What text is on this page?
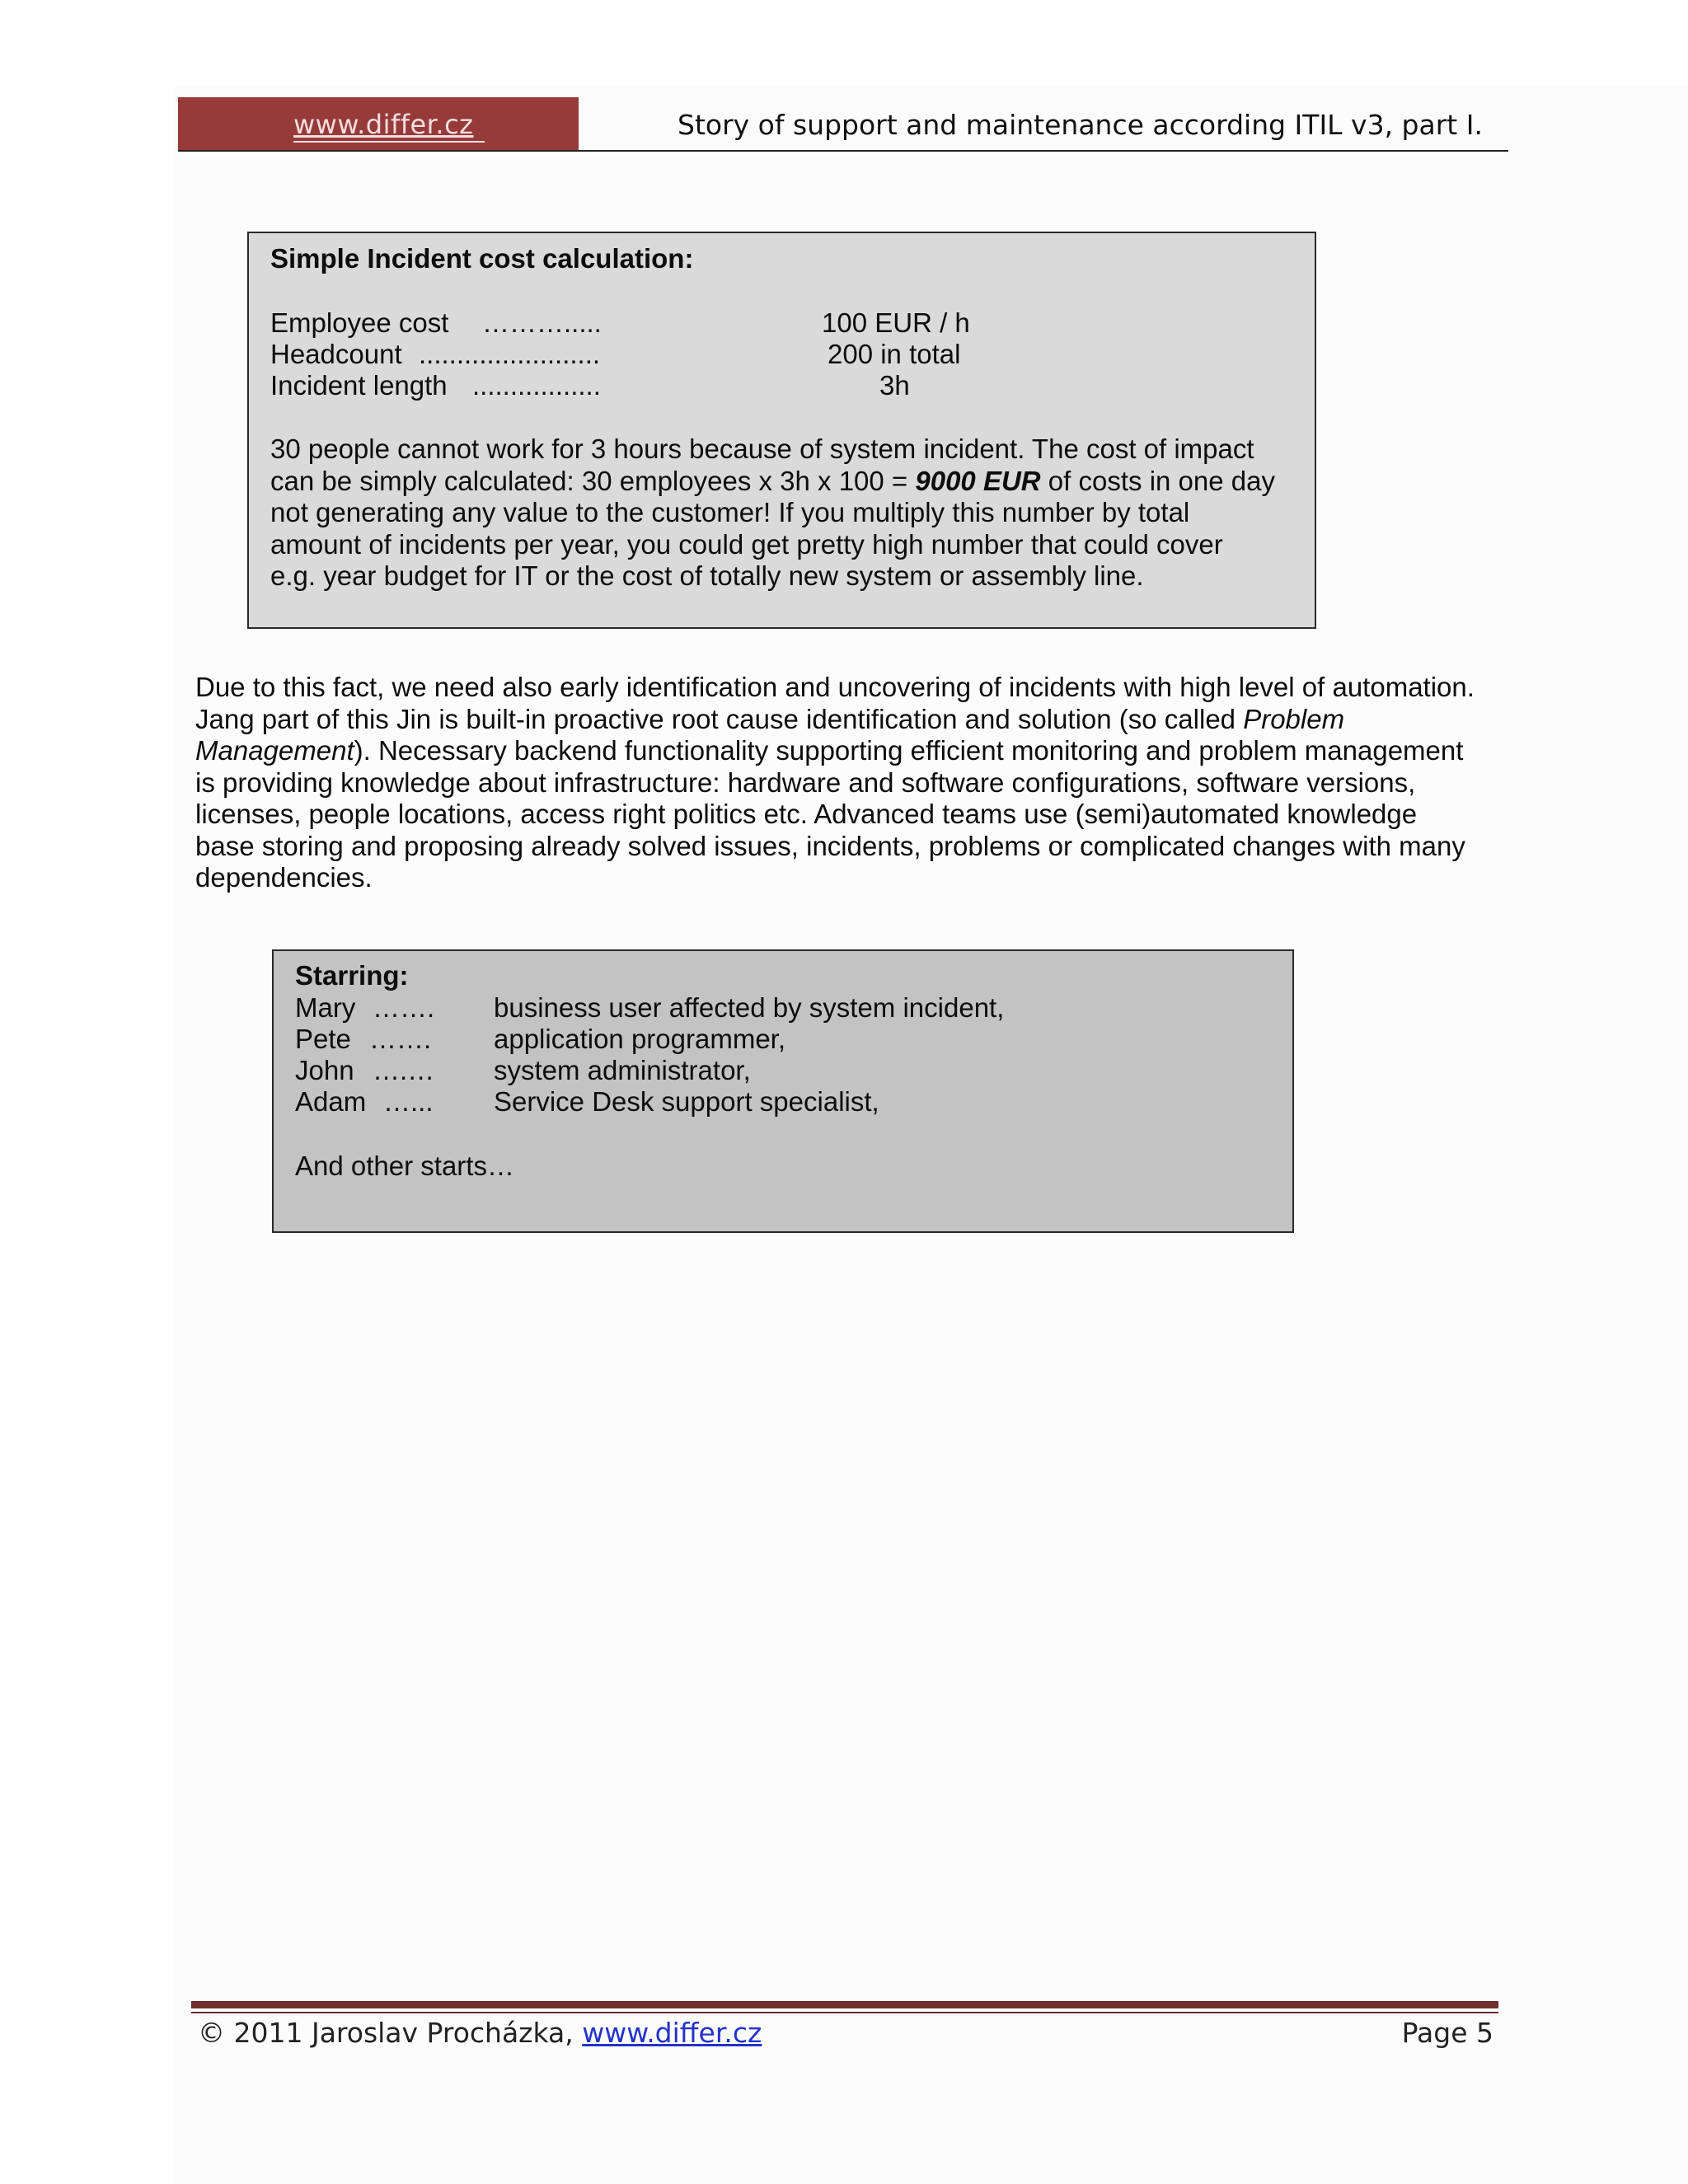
www.differ.cz	Story of support and maintenance according ITIL v3, part I.
Simple Incident cost calculation:
Employee cost ……….....	100 EUR / h
Headcount ........................	200 in total
Incident length .................	3h
30 people cannot work for 3 hours because of system incident. The cost of impact
can be simply calculated: 30 employees x 3h x 100 = 9000 EUR of costs in one day
not generating any value to the customer! If you multiply this number by total
amount of incidents per year, you could get pretty high number that could cover
e.g. year budget for IT or the cost of totally new system or assembly line.
Due to this fact, we need also early identification and uncovering of incidents with high level of automation.
Jang part of this Jin is built-in proactive root cause identification and solution (so called Problem
Management). Necessary backend functionality supporting efficient monitoring and problem management
is providing knowledge about infrastructure: hardware and software configurations, software versions,
licenses, people locations, access right politics etc. Advanced teams use (semi)automated knowledge
base storing and proposing already solved issues, incidents, problems or complicated changes with many
dependencies.
Starring:
Mary ……. business user affected by system incident,
Pete ……. application programmer,
John ….… system administrator,
Adam …... Service Desk support specialist,
And other starts…
© 2011 Jaroslav Procházka, www.differ.cz	Page 5
